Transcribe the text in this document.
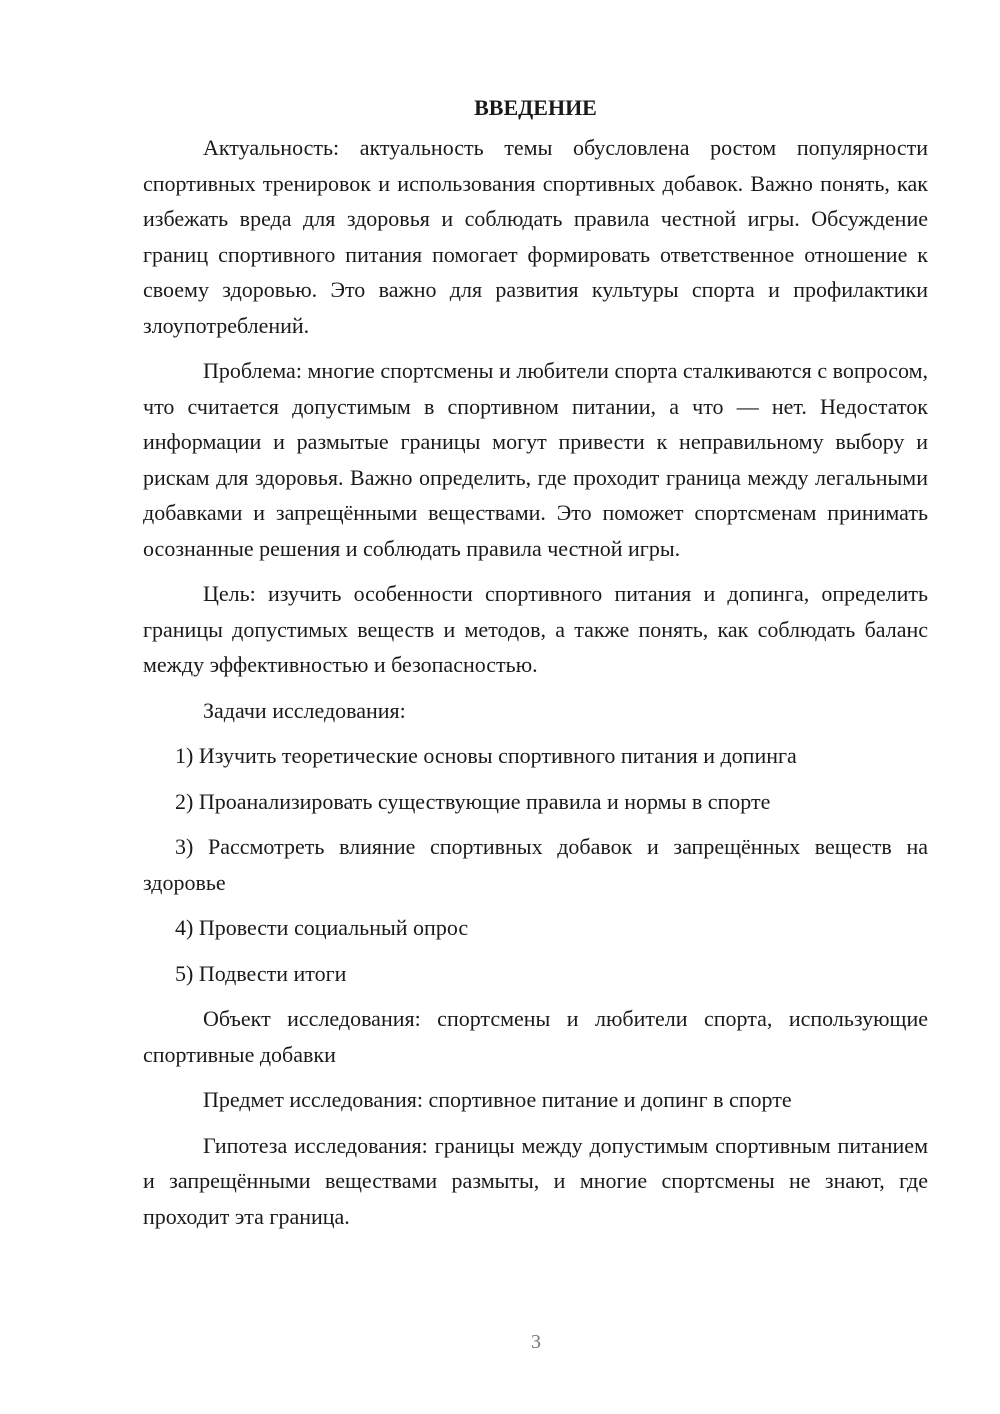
ВВЕДЕНИЕ

Актуальность: актуальность темы обусловлена ростом популярности спортивных тренировок и использования спортивных добавок. Важно понять, как избежать вреда для здоровья и соблюдать правила честной игры. Обсуждение границ спортивного питания помогает формировать ответственное отношение к своему здоровью. Это важно для развития культуры спорта и профилактики злоупотреблений.

Проблема: многие спортсмены и любители спорта сталкиваются с вопросом, что считается допустимым в спортивном питании, а что — нет. Недостаток информации и размытые границы могут привести к неправильному выбору и рискам для здоровья. Важно определить, где проходит граница между легальными добавками и запрещёнными веществами. Это поможет спортсменам принимать осознанные решения и соблюдать правила честной игры.

Цель: изучить особенности спортивного питания и допинга, определить границы допустимых веществ и методов, а также понять, как соблюдать баланс между эффективностью и безопасностью.

Задачи исследования:

1) Изучить теоретические основы спортивного питания и допинга

2) Проанализировать существующие правила и нормы в спорте

3) Рассмотреть влияние спортивных добавок и запрещённых веществ на здоровье

4) Провести социальный опрос

5) Подвести итоги

Объект исследования: спортсмены и любители спорта, использующие спортивные добавки

Предмет исследования: спортивное питание и допинг в спорте

Гипотеза исследования: границы между допустимым спортивным питанием и запрещёнными веществами размыты, и многие спортсмены не знают, где проходит эта граница.

3
